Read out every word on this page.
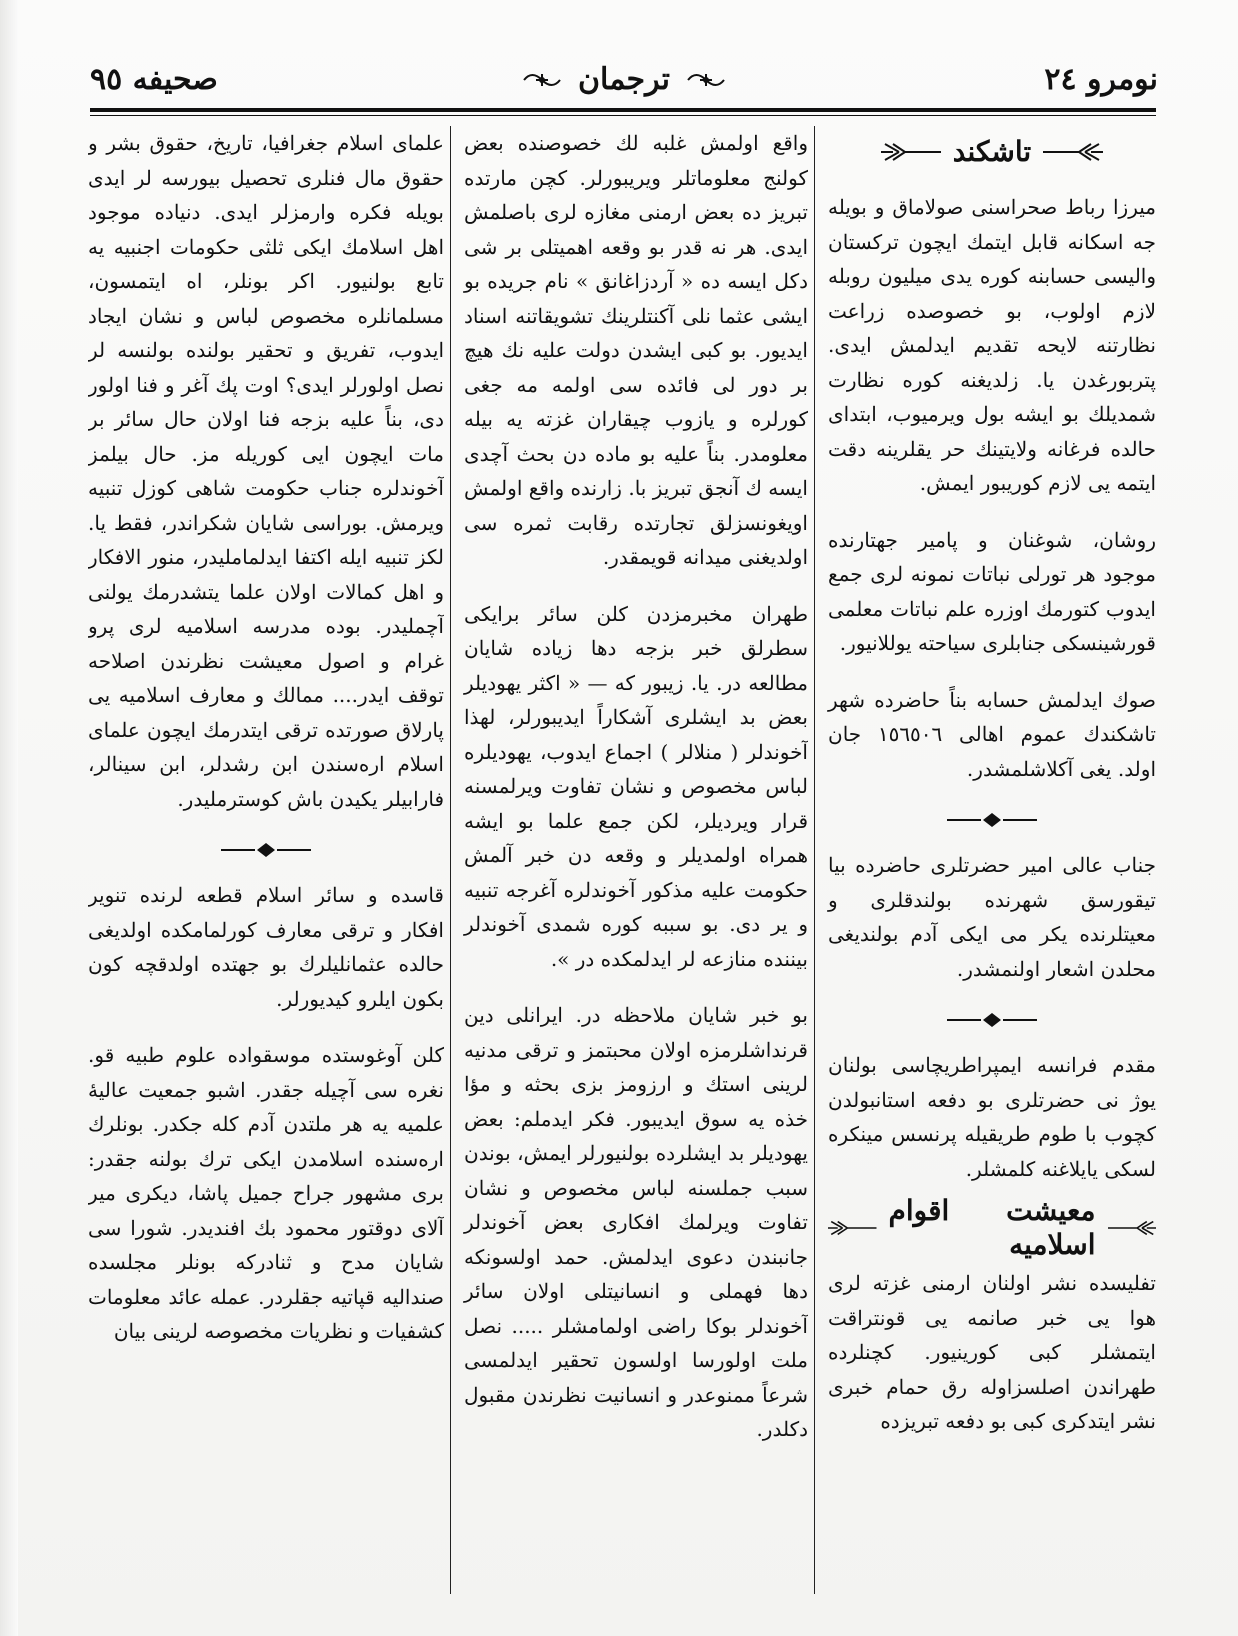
نومرو ٢٤
ترجمان
صحيفه ٩٥
تاشكند

ميرزا رباط صحراسنى صولاماق و بويله جه اسكانه قابل ايتمك ايچون تركستان واليسى حسابنه كوره يدى ميليون روبله لازم اولوب، بو خصوصده زراعت نظارتنه لايحه تقديم ايدلمش ايدى. پتربورغدن يا. زلديغنه كوره نظارت شمديلك بو ايشه بول ويرميوب، ابتداى حالده فرغانه ولايتينك حر يقلرينه دقت ايتمه يى لازم كوريبور ايمش.

روشان، شوغنان و پامير جهتارنده موجود هر تورلى نباتات نمونه لرى جمع ايدوب كتورمك اوزره علم نباتات معلمى قورشينسكى جنابلرى سياحته يوللانيور.

صوك ايدلمش حسابه بناً حاضرده شهر تاشكندك عموم اهالى ١٥٦٥٠٦ جان اولد. يغى آكلاشلمشدر.

جناب عالى امير حضرتلرى حاضرده بيا تيقورسق شهرنده بولندقلرى و معيتلرنده يكر مى ايكى آدم بولنديغى محلدن اشعار اولنمشدر.

مقدم فرانسه ايمپراطريچاسى بولنان يوژ نى حضرتلرى بو دفعه استانبولدن كچوب با طوم طريقيله پرنسس مينكره لسكى يايلاغنه كلمشلر.

معيشت اقوام اسلاميه

تفليسده نشر اولنان ارمنى غزته لرى هوا يى خبر صانمه يى قونتراقت ايتمشلر كبى كورينيور. كچنلرده طهراندن اصلسزاوله رق حمام خبرى نشر ايتدكرى كبى بو دفعه تبريزده

واقع اولمش غلبه لك خصوصنده بعض كولنج معلوماتلر ويريبورلر. كچن مارتده تبريز ده بعض ارمنى مغازه لرى باصلمش ايدى. هر نه قدر بو وقعه اهميتلى بر شى دكل ايسه ده « آردزاغانق » نام جريده بو ايشى عثما نلى آكنتلرينك تشويقاتنه اسناد ايديور. بو كبى ايشدن دولت عليه نك هيچ بر دور لى فائده سى اولمه مه جغى كورلره و يازوب چيقاران غزته يه بيله معلومدر. بناً عليه بو ماده دن بحث آچدى ايسه ك آنجق تبريز با. زارنده واقع اولمش اويغونسزلق تجارتده رقابت ثمره سى اولديغنى ميدانه قويمقدر.

طهران مخبرمزدن كلن سائر برايكى سطرلق خبر بزجه دها زياده شايان مطالعه در. يا. زيبور كه — « اكثر يهوديلر بعض بد ايشلرى آشكاراً ايديبورلر، لهذا آخوندلر ( منلالر ) اجماع ايدوب، يهوديلره لباس مخصوص و نشان تفاوت ويرلمسنه قرار ويرديلر، لكن جمع علما بو ايشه همراه اولمديلر و وقعه دن خبر آلمش حكومت عليه مذكور آخوندلره آغرجه تنبيه و ير دى. بو سببه كوره شمدى آخوندلر بيننده منازعه لر ايدلمكده در ».

بو خبر شايان ملاحظه در. ايرانلى دين قرنداشلرمزه اولان محبتمز و ترقى مدنيه لرينى استك و ارزومز بزى بحثه و مؤا خذه يه سوق ايديبور. فكر ايدملم: بعض يهوديلر بد ايشلرده بولنيورلر ايمش، بوندن سبب جملسنه لباس مخصوص و نشان تفاوت ويرلمك افكارى بعض آخوندلر جانبندن دعوى ايدلمش. حمد اولسونكه دها فهملى و انسانيتلى اولان سائر آخوندلر بوكا راضى اولمامشلر ..... نصل ملت اولورسا اولسون تحقير ايدلمسى شرعاً ممنوعدر و انسانيت نظرندن مقبول دكلدر.

علماى اسلام جغرافيا، تاريخ، حقوق بشر و حقوق مال فنلرى تحصيل بيورسه لر ايدى بويله فكره وارمزلر ايدى. دنياده موجود اهل اسلامك ايكى ثلثى حكومات اجنبيه يه تابع بولنيور. اكر بونلر، اه ايتمسون، مسلمانلره مخصوص لباس و نشان ايجاد ايدوب، تفريق و تحقير بولنده بولنسه لر نصل اولورلر ايدى؟ اوت پك آغر و فنا اولور دى، بناً عليه بزجه فنا اولان حال سائر بر مات ايچون ايى كوريله مز. حال بيلمز آخوندلره جناب حكومت شاهى كوزل تنبيه ويرمش. بوراسى شايان شكراندر، فقط يا. لكز تنبيه ايله اكتفا ايدلمامليدر، منور الافكار و اهل كمالات اولان علما يتشدرمك يولنى آچمليدر. بوده مدرسه اسلاميه لرى پرو غرام و اصول معيشت نظرندن اصلاحه توقف ايدر.... ممالك و معارف اسلاميه يى پارلاق صورتده ترقى ايتدرمك ايچون علماى اسلام ارەسندن ابن رشدلر، ابن سينالر، فارابيلر يكيدن باش كوسترمليدر.

قاسده و سائر اسلام قطعه لرنده تنوير افكار و ترقى معارف كورلمامكده اولديغى حالده عثمانليلرك بو جهتده اولدقچه كون بكون ايلرو كيديورلر.

كلن آوغوستده موسقواده علوم طبيه قو. نغره سى آچيله جقدر. اشبو جمعيت عاليهٔ علميه يه هر ملتدن آدم كله جكدر. بونلرك ارەسنده اسلامدن ايكى ترك بولنه جقدر: برى مشهور جراح جميل پاشا، ديكرى مير آلاى دوقتور محمود بك افنديدر. شورا سى شايان مدح و ثنادركه بونلر مجلسده صنداليه قپاتيه جقلردر. عمله عائد معلومات كشفيات و نظريات مخصوصه لرينى بيان
